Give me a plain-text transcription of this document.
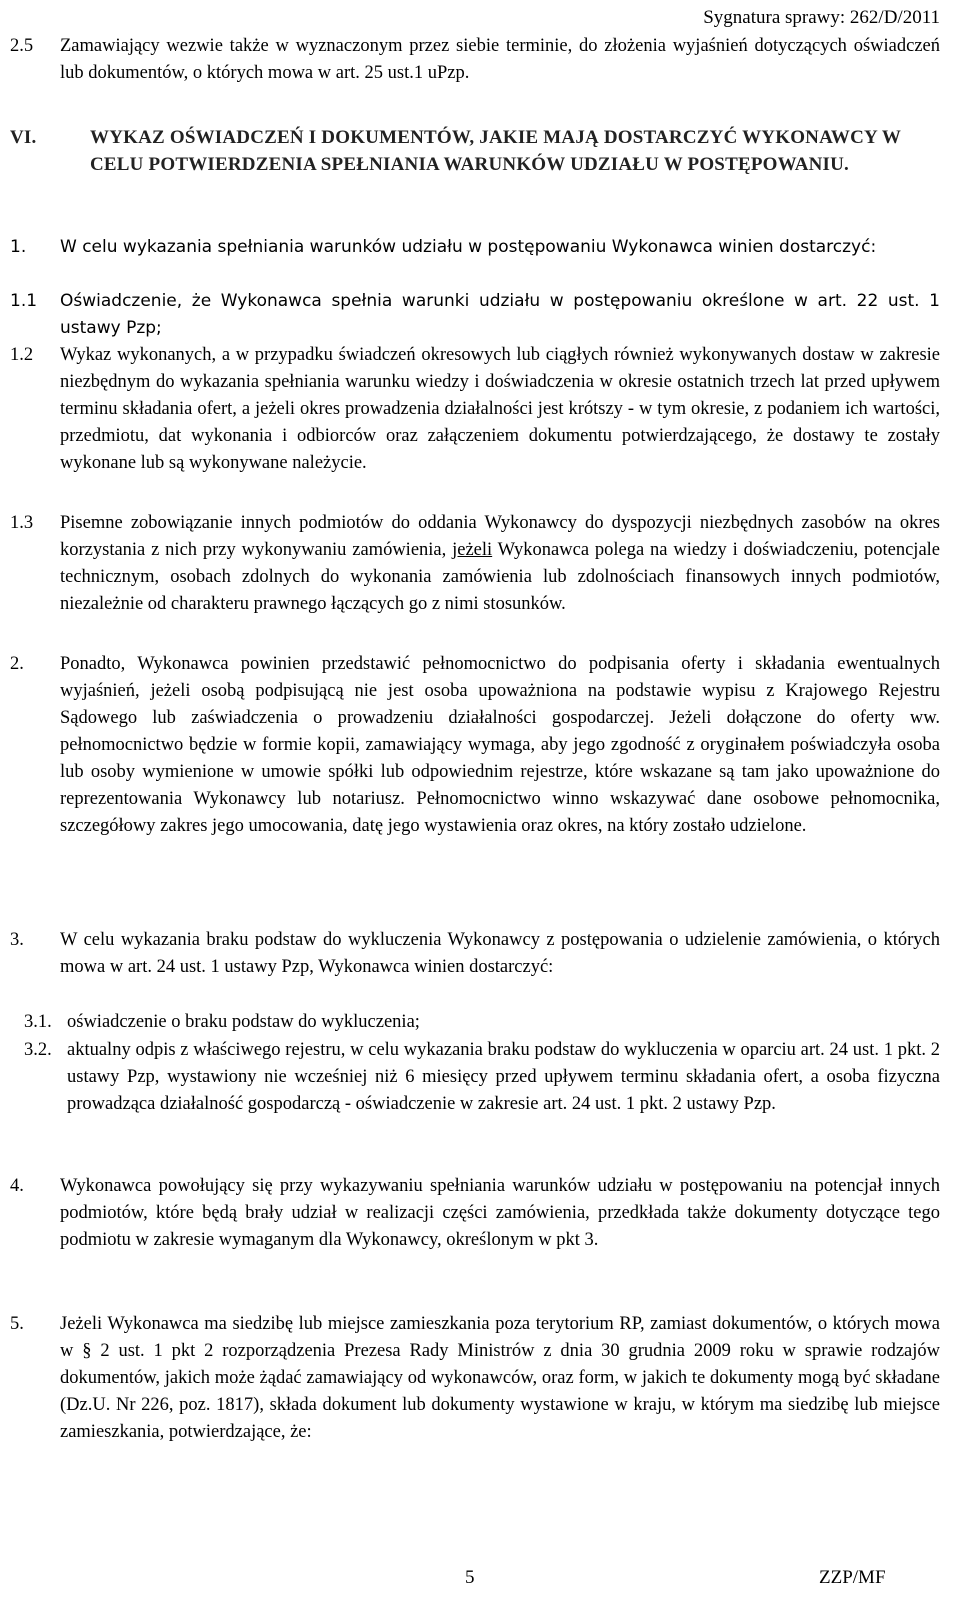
Sygnatura sprawy: 262/D/2011
2.5 Zamawiający wezwie także w wyznaczonym przez siebie terminie, do złożenia wyjaśnień dotyczących oświadczeń lub dokumentów, o których mowa w art. 25 ust.1 uPzp.
VI.	WYKAZ OŚWIADCZEŃ I DOKUMENTÓW, JAKIE MAJĄ DOSTARCZYĆ WYKONAWCY W CELU POTWIERDZENIA SPEŁNIANIA WARUNKÓW UDZIAŁU W POSTĘPOWANIU.
1. W celu wykazania spełniania warunków udziału w postępowaniu Wykonawca winien dostarczyć:
1.1 Oświadczenie, że Wykonawca spełnia warunki udziału w postępowaniu określone w art. 22 ust. 1 ustawy Pzp;
1.2 Wykaz wykonanych, a w przypadku świadczeń okresowych lub ciągłych również wykonywanych dostaw w zakresie niezbędnym do wykazania spełniania warunku wiedzy i doświadczenia w okresie ostatnich trzech lat przed upływem terminu składania ofert, a jeżeli okres prowadzenia działalności jest krótszy - w tym okresie, z podaniem ich wartości, przedmiotu, dat wykonania i odbiorców oraz załączeniem dokumentu potwierdzającego, że dostawy te zostały wykonane lub są wykonywane należycie.
1.3 Pisemne zobowiązanie innych podmiotów do oddania Wykonawcy do dyspozycji niezbędnych zasobów na okres korzystania z nich przy wykonywaniu zamówienia, jeżeli Wykonawca polega na wiedzy i doświadczeniu, potencjale technicznym, osobach zdolnych do wykonania zamówienia lub zdolnościach finansowych innych podmiotów, niezależnie od charakteru prawnego łączących go z nimi stosunków.
2. Ponadto, Wykonawca powinien przedstawić pełnomocnictwo do podpisania oferty i składania ewentualnych wyjaśnień, jeżeli osobą podpisującą nie jest osoba upoważniona na podstawie wypisu z Krajowego Rejestru Sądowego lub zaświadczenia o prowadzeniu działalności gospodarczej. Jeżeli dołączone do oferty ww. pełnomocnictwo będzie w formie kopii, zamawiający wymaga, aby jego zgodność z oryginałem poświadczyła osoba lub osoby wymienione w umowie spółki lub odpowiednim rejestrze, które wskazane są tam jako upoważnione do reprezentowania Wykonawcy lub notariusz. Pełnomocnictwo winno wskazywać dane osobowe pełnomocnika, szczegółowy zakres jego umocowania, datę jego wystawienia oraz okres, na który zostało udzielone.
3. W celu wykazania braku podstaw do wykluczenia Wykonawcy z postępowania o udzielenie zamówienia, o których mowa w art. 24 ust. 1 ustawy Pzp, Wykonawca winien dostarczyć:
3.1. oświadczenie o braku podstaw do wykluczenia;
3.2. aktualny odpis z właściwego rejestru, w celu wykazania braku podstaw do wykluczenia w oparciu art. 24 ust. 1 pkt. 2 ustawy Pzp, wystawiony nie wcześniej niż 6 miesięcy przed upływem terminu składania ofert, a osoba fizyczna prowadząca działalność gospodarczą - oświadczenie w zakresie art. 24 ust. 1 pkt. 2 ustawy Pzp.
4. Wykonawca powołujący się przy wykazywaniu spełniania warunków udziału w postępowaniu na potencjał innych podmiotów, które będą brały udział w realizacji części zamówienia, przedkłada także dokumenty dotyczące tego podmiotu w zakresie wymaganym dla Wykonawcy, określonym w pkt 3.
5. Jeżeli Wykonawca ma siedzibę lub miejsce zamieszkania poza terytorium RP, zamiast dokumentów, o których mowa w § 2 ust. 1 pkt 2 rozporządzenia Prezesa Rady Ministrów z dnia 30 grudnia 2009 roku w sprawie rodzajów dokumentów, jakich może żądać zamawiający od wykonawców, oraz form, w jakich te dokumenty mogą być składane (Dz.U. Nr 226, poz. 1817), składa dokument lub dokumenty wystawione w kraju, w którym ma siedzibę lub miejsce zamieszkania, potwierdzające, że:
5	ZZP/MF
